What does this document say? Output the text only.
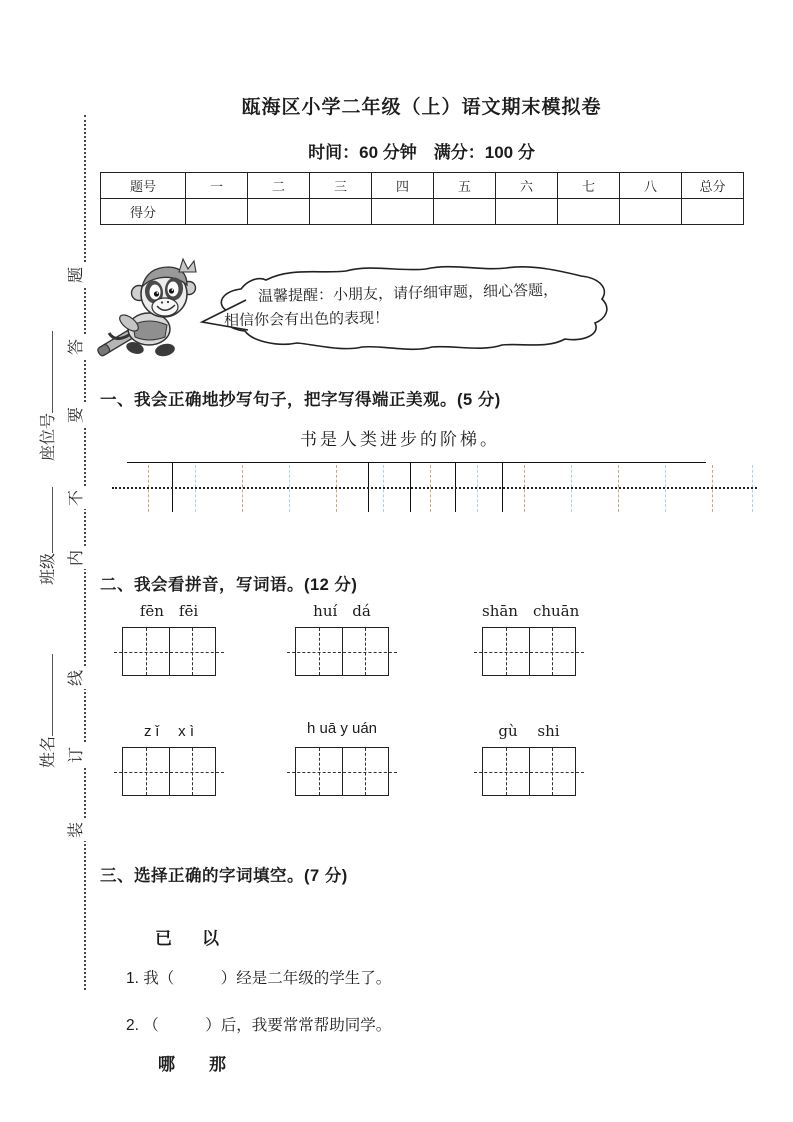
题
答
要
不
内
线
订
装
座位号
班级
姓名
瓯海区小学二年级（上）语文期末模拟卷
时间：60 分钟　满分：100 分
题号	一	二	三	四	五	六	七	八	总分
得分									
温馨提醒：小朋友，请仔细审题，细心答题，
相信你会有出色的表现！
一、我会正确地抄写句子，把字写得端正美观。(5 分)
书是人类进步的阶梯。
二、我会看拼音，写词语。(12 分)
fēn　fēi	huí　dá	shān　chuān
z ǐ　 x ì	h uā y uán	gù　 shi
三、选择正确的字词填空。(7 分)
已 以
1. 我（　　　）经是二年级的学生了。
2. （　　　）后，我要常常帮助同学。
哪 那
